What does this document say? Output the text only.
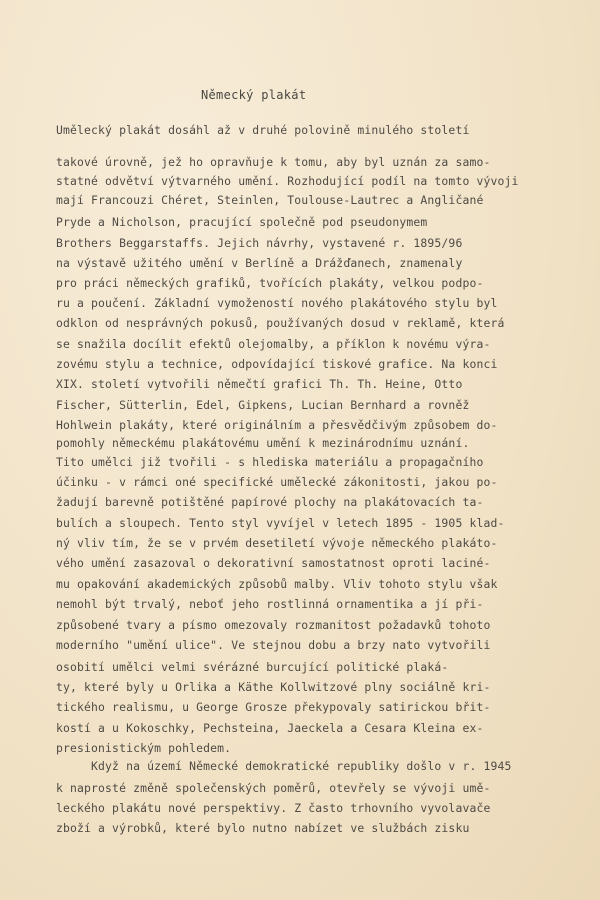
Německý plakát
Umělecký plakát dosáhl až v druhé polovině minulého století
takové úrovně, jež ho opravňuje k tomu, aby byl uznán za samo-
statné odvětví výtvarného umění. Rozhodující podíl na tomto vývoji
mají Francouzi Chéret, Steinlen, Toulouse-Lautrec a Angličané
Pryde a Nicholson, pracující společně pod pseudonymem
Brothers Beggarstaffs. Jejich návrhy, vystavené r. 1895/96
na výstavě užitého umění v Berlíně a Drážďanech, znamenaly
pro práci německých grafiků, tvořících plakáty, velkou podpo-
ru a poučení. Základní vymožeností nového plakátového stylu byl
odklon od nesprávných pokusů, používaných dosud v reklamě, která
se snažila docílit efektů olejomalby, a příklon k novému výra-
zovému stylu a technice, odpovídající tiskové grafice. Na konci
XIX. století vytvořili němečtí grafici Th. Th. Heine, Otto
Fischer, Sütterlin, Edel, Gipkens, Lucian Bernhard a rovněž
Hohlwein plakáty, které originálním a přesvědčivým způsobem do-
pomohly německému plakátovému umění k mezinárodnímu uznání.
Tito umělci již tvořili - s hlediska materiálu a propagačního
účinku - v rámci oné specifické umělecké zákonitosti, jakou po-
žadují barevně potištěné papírové plochy na plakátovacích ta-
bulích a sloupech. Tento styl vyvíjel v letech 1895 - 1905 klad-
ný vliv tím, že se v prvém desetiletí vývoje německého plakáto-
vého umění zasazoval o dekorativní samostatnost oproti laciné-
mu opakování akademických způsobů malby. Vliv tohoto stylu však
nemohl být trvalý, neboť jeho rostlinná ornamentika a jí při-
způsobené tvary a písmo omezovaly rozmanitost požadavků tohoto
moderního "umění ulice". Ve stejnou dobu a brzy nato vytvořili
osobití umělci velmi svérázné burcující politické plaká-
ty, které byly u Orlika a Käthe Kollwitzové plny sociálně kri-
tického realismu, u George Grosze překypovaly satirickou břit-
kostí a u Kokoschky, Pechsteina, Jaeckela a Cesara Kleina ex-
presionistickým pohledem.
Když na území Německé demokratické republiky došlo v r. 1945
k naprosté změně společenských poměrů, otevřely se vývoji umě-
leckého plakátu nové perspektivy. Z často trhovního vyvolavače
zboží a výrobků, které bylo nutno nabízet ve službách zisku
